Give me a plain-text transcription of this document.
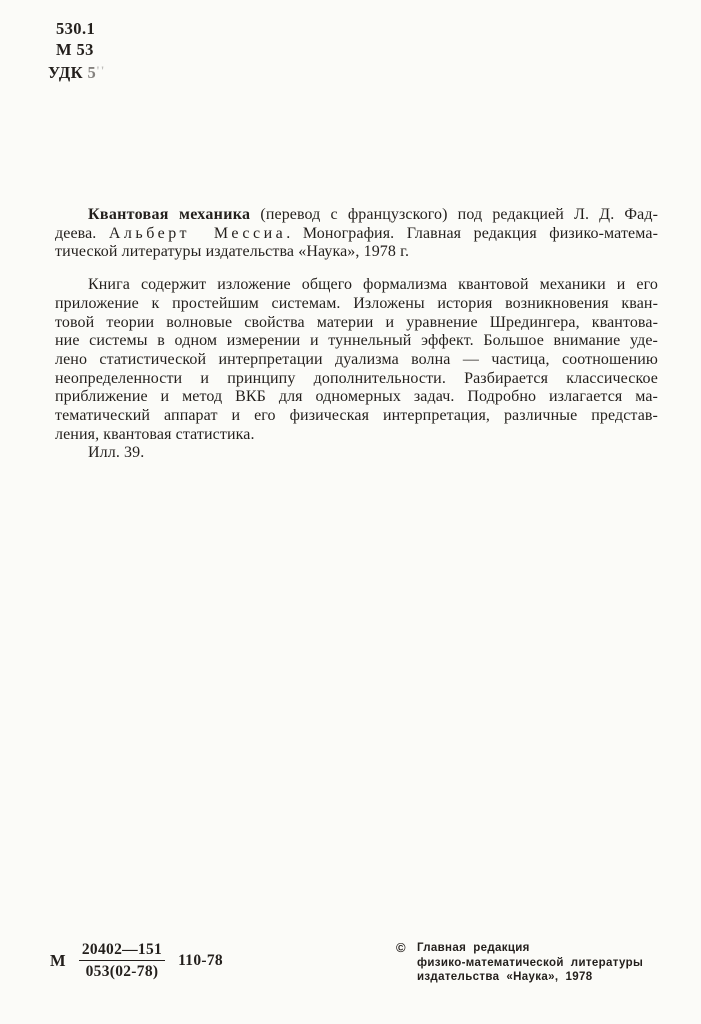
530.1
М 53
УДК 5''
Квантовая механика (перевод с французского) под редакцией Л. Д. Фад-
деева. Альберт Мессиа. Монография. Главная редакция физико-матема-
тической литературы издательства «Наука», 1978 г.
Книга содержит изложение общего формализма квантовой механики и его
приложение к простейшим системам. Изложены история возникновения кван-
товой теории волновые свойства материи и уравнение Шредингера, квантова-
ние системы в одном измерении и туннельный эффект. Большое внимание уде-
лено статистической интерпретации дуализма волна — частица, соотношению
неопределенности и принципу дополнительности. Разбирается классическое
приближение и метод ВКБ для одномерных задач. Подробно излагается ма-
тематический аппарат и его физическая интерпретация, различные представ-
ления, квантовая статистика.
Илл. 39.
М $\frac{20402—151}{053(02-78)} 110-78$
© Главная редакция
физико-математической литературы
издательства «Наука», 1978
